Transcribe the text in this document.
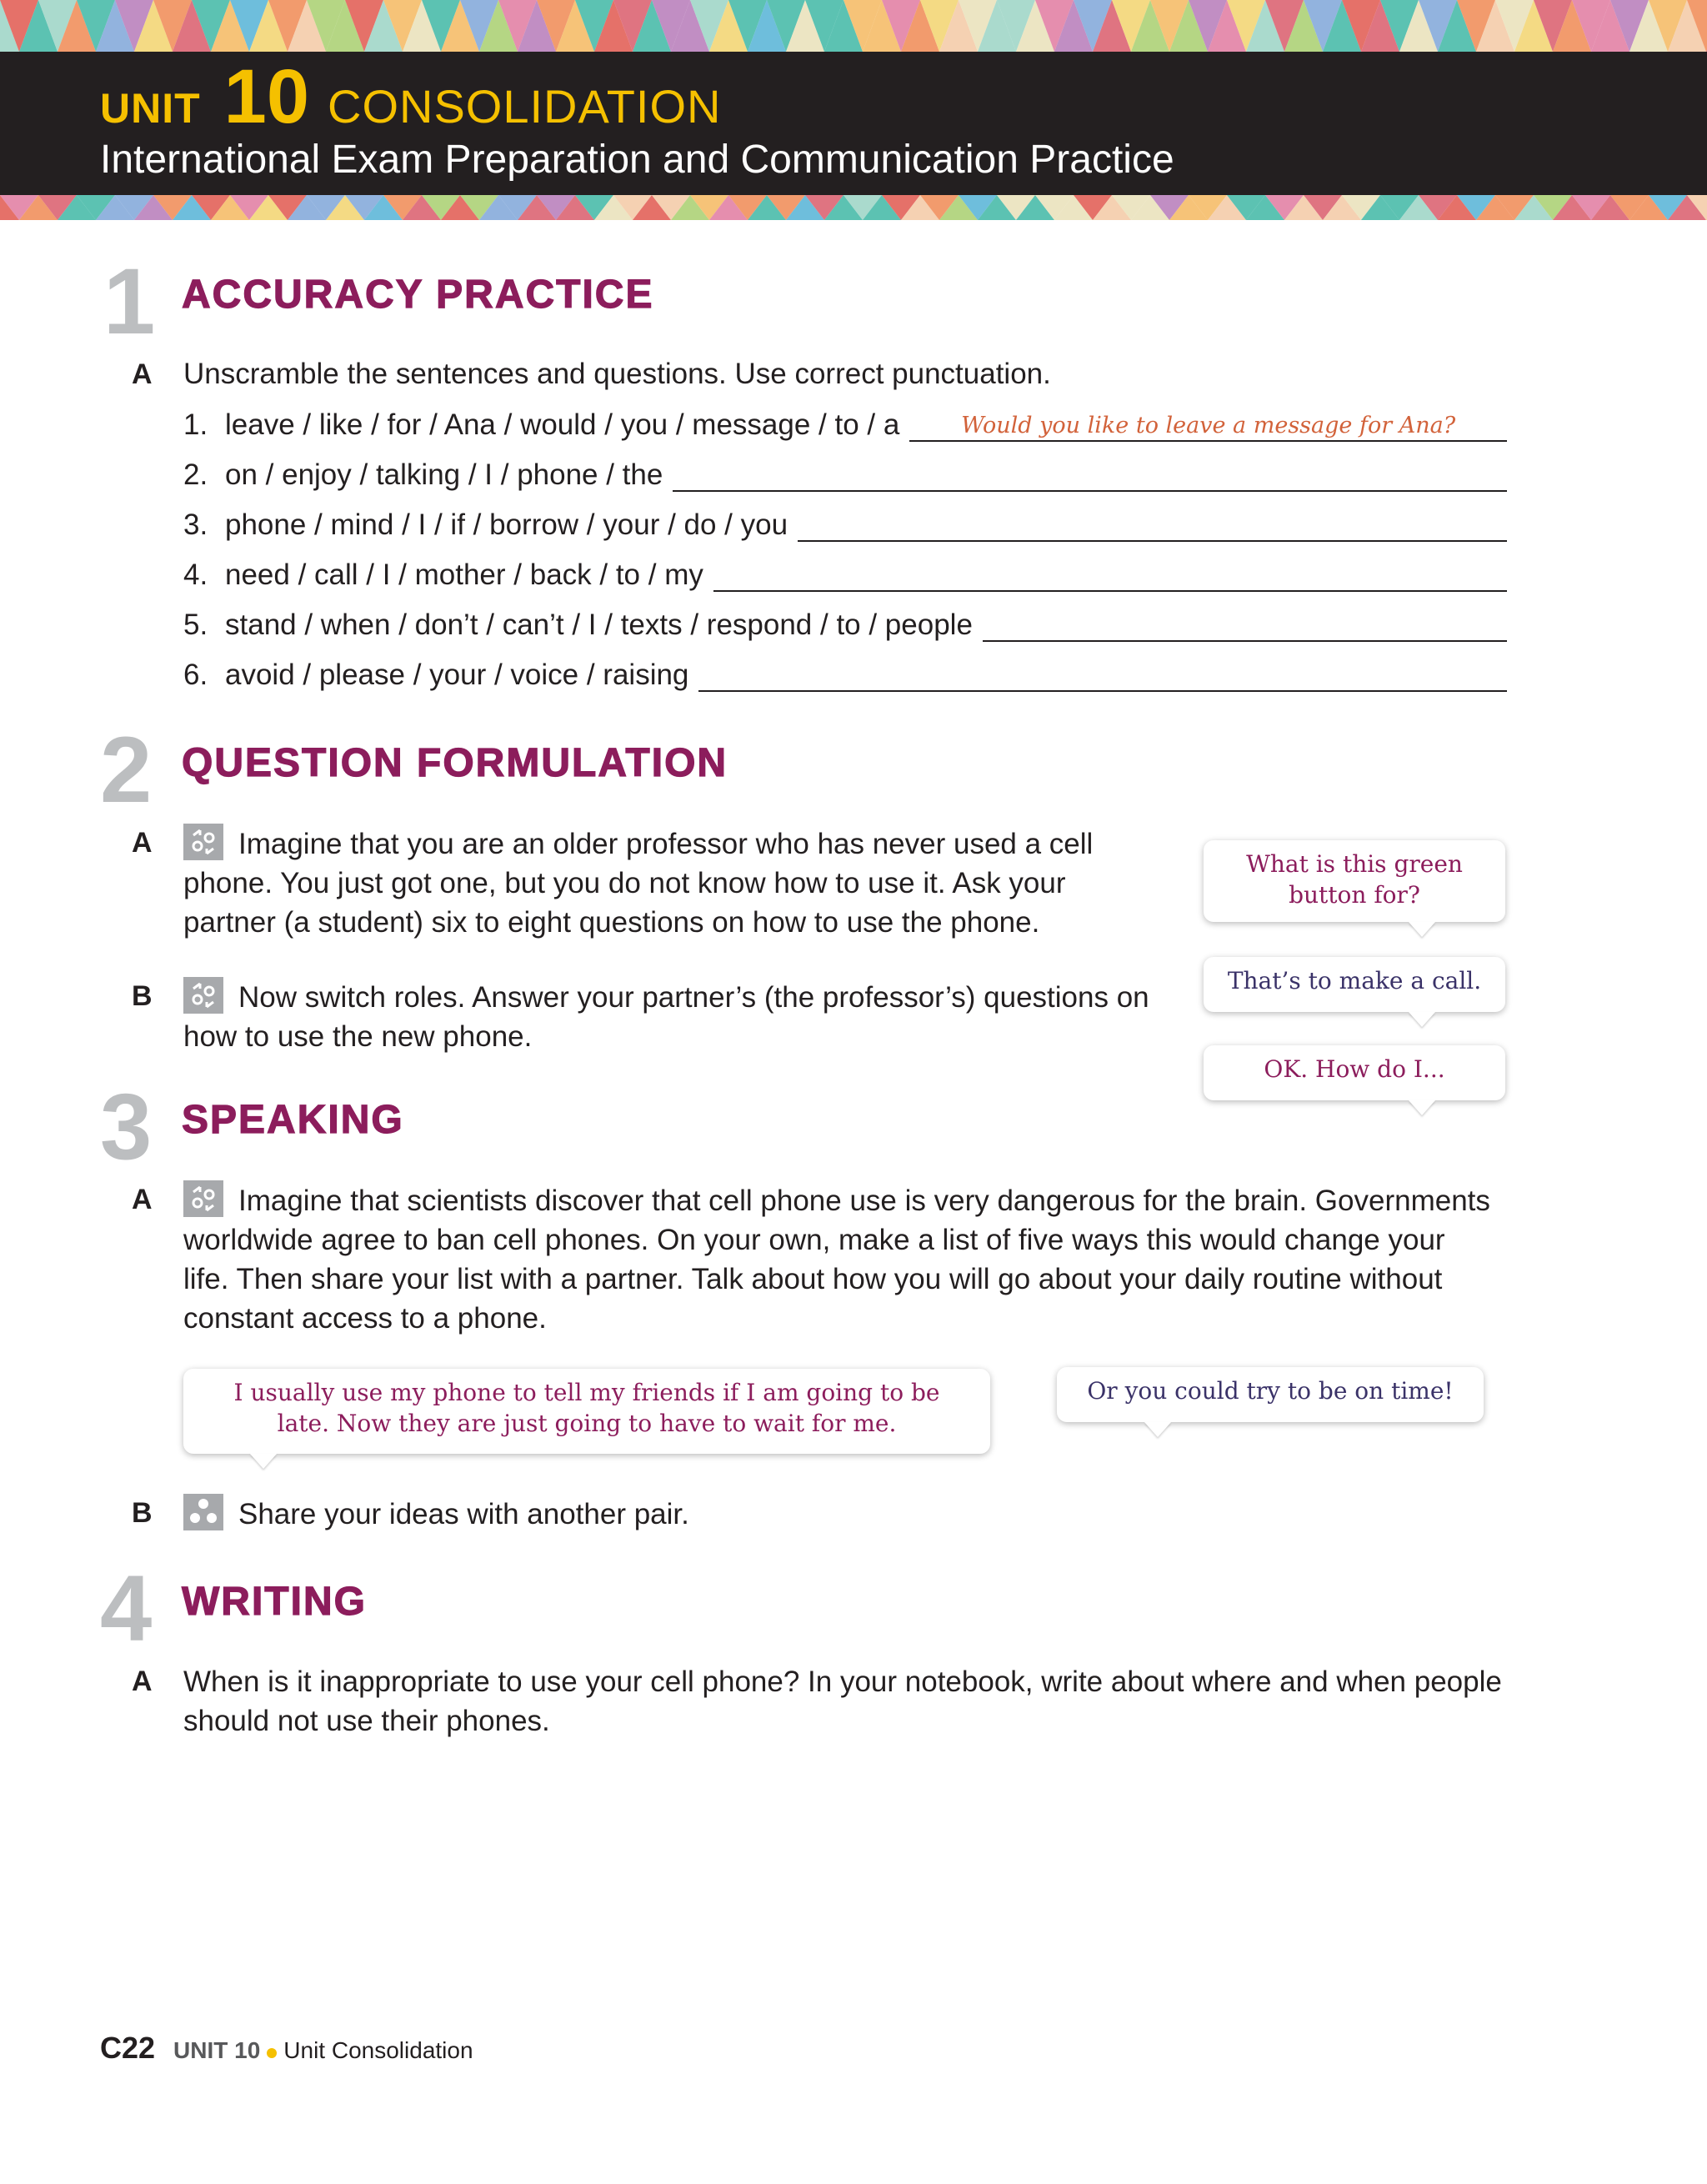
UNIT 10 CONSOLIDATION
International Exam Preparation and Communication Practice
1 ACCURACY PRACTICE
A Unscramble the sentences and questions. Use correct punctuation.
1. leave / like / for / Ana / would / you / message / to / a	Would you like to leave a message for Ana?
2. on / enjoy / talking / I / phone / the
3. phone / mind / I / if / borrow / your / do / you
4. need / call / I / mother / back / to / my
5. stand / when / don’t / can’t / I / texts / respond / to / people
6. avoid / please / your / voice / raising
2 QUESTION FORMULATION
A	Imagine that you are an older professor who has never used a cell
phone. You just got one, but you do not know how to use it. Ask your
partner (a student) six to eight questions on how to use the phone.
B	Now switch roles. Answer your partner’s (the professor’s) questions on
how to use the new phone.
What is this green
button for?
That’s to make a call.
OK. How do I...
3 SPEAKING
A	Imagine that scientists discover that cell phone use is very dangerous for the brain. Governments
worldwide agree to ban cell phones. On your own, make a list of five ways this would change your
life. Then share your list with a partner. Talk about how you will go about your daily routine without
constant access to a phone.
I usually use my phone to tell my friends if I am going to be
late. Now they are just going to have to wait for me.
Or you could try to be on time!
B	Share your ideas with another pair.
4 WRITING
A When is it inappropriate to use your cell phone? In your notebook, write about where and when people
should not use their phones.
C22 UNIT 10 Unit Consolidation
